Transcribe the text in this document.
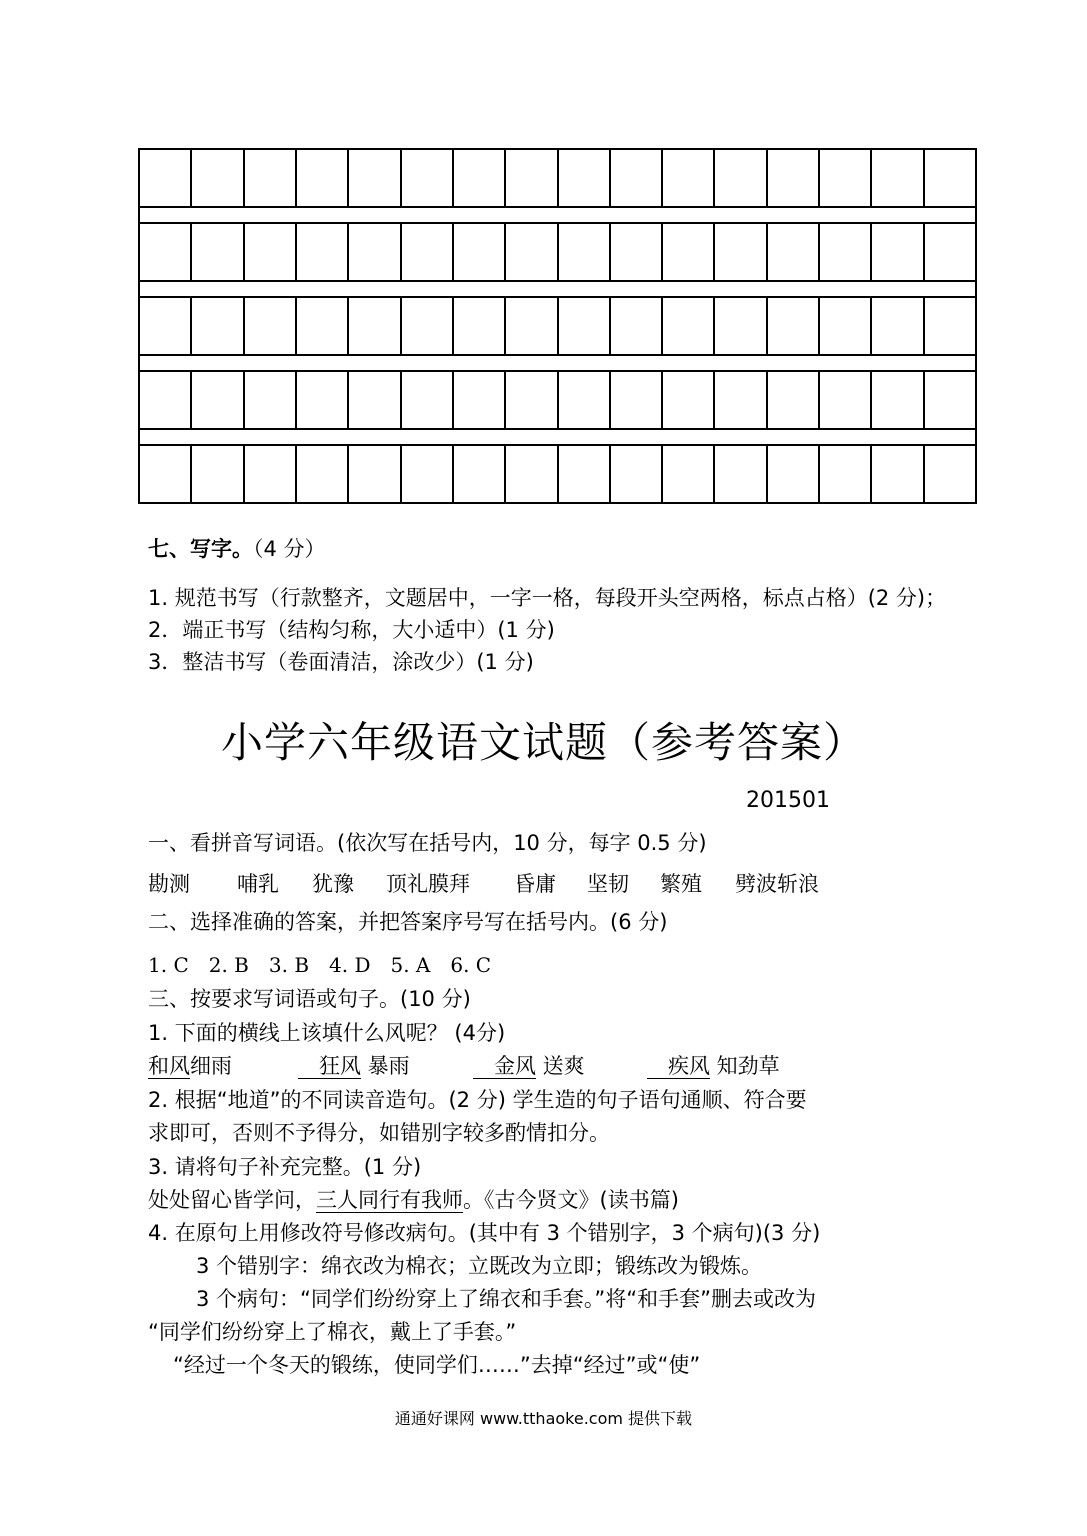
七、写字。（4 分）
1. 规范书写（行款整齐，文题居中，一字一格，每段开头空两格，标点占格）(2 分)；
2．端正书写（结构匀称，大小适中）(1 分)
3．整洁书写（卷面清洁，涂改少）(1 分)
小学六年级语文试题（参考答案）
201501
一、看拼音写词语。(依次写在括号内，10 分，每字 0.5 分)
勘测 哺乳 犹豫 顶礼膜拜 昏庸 坚韧 繁殖 劈波斩浪
二、选择准确的答案，并把答案序号写在括号内。(6 分)
1. C　2. B　3. B　4. D　5. A　6. C
三、按要求写词语或句子。(10 分)
1. 下面的横线上该填什么风呢？ (4分)
和风细雨	　狂风 暴雨	　金风 送爽	　疾风 知劲草
2. 根据“地道”的不同读音造句。(2 分) 学生造的句子语句通顺、符合要
求即可，否则不予得分，如错别字较多酌情扣分。
3. 请将句子补充完整。(1 分)
处处留心皆学问，三人同行有我师。《古今贤文》(读书篇)
4. 在原句上用修改符号修改病句。(其中有 3 个错别字，3 个病句)(3 分)
3 个错别字：绵衣改为棉衣；立既改为立即；锻练改为锻炼。
3 个病句：“同学们纷纷穿上了绵衣和手套。”将“和手套”删去或改为
“同学们纷纷穿上了棉衣，戴上了手套。”
“经过一个冬天的锻练，使同学们……”去掉“经过”或“使”
通通好课网 www.tthaoke.com 提供下载
